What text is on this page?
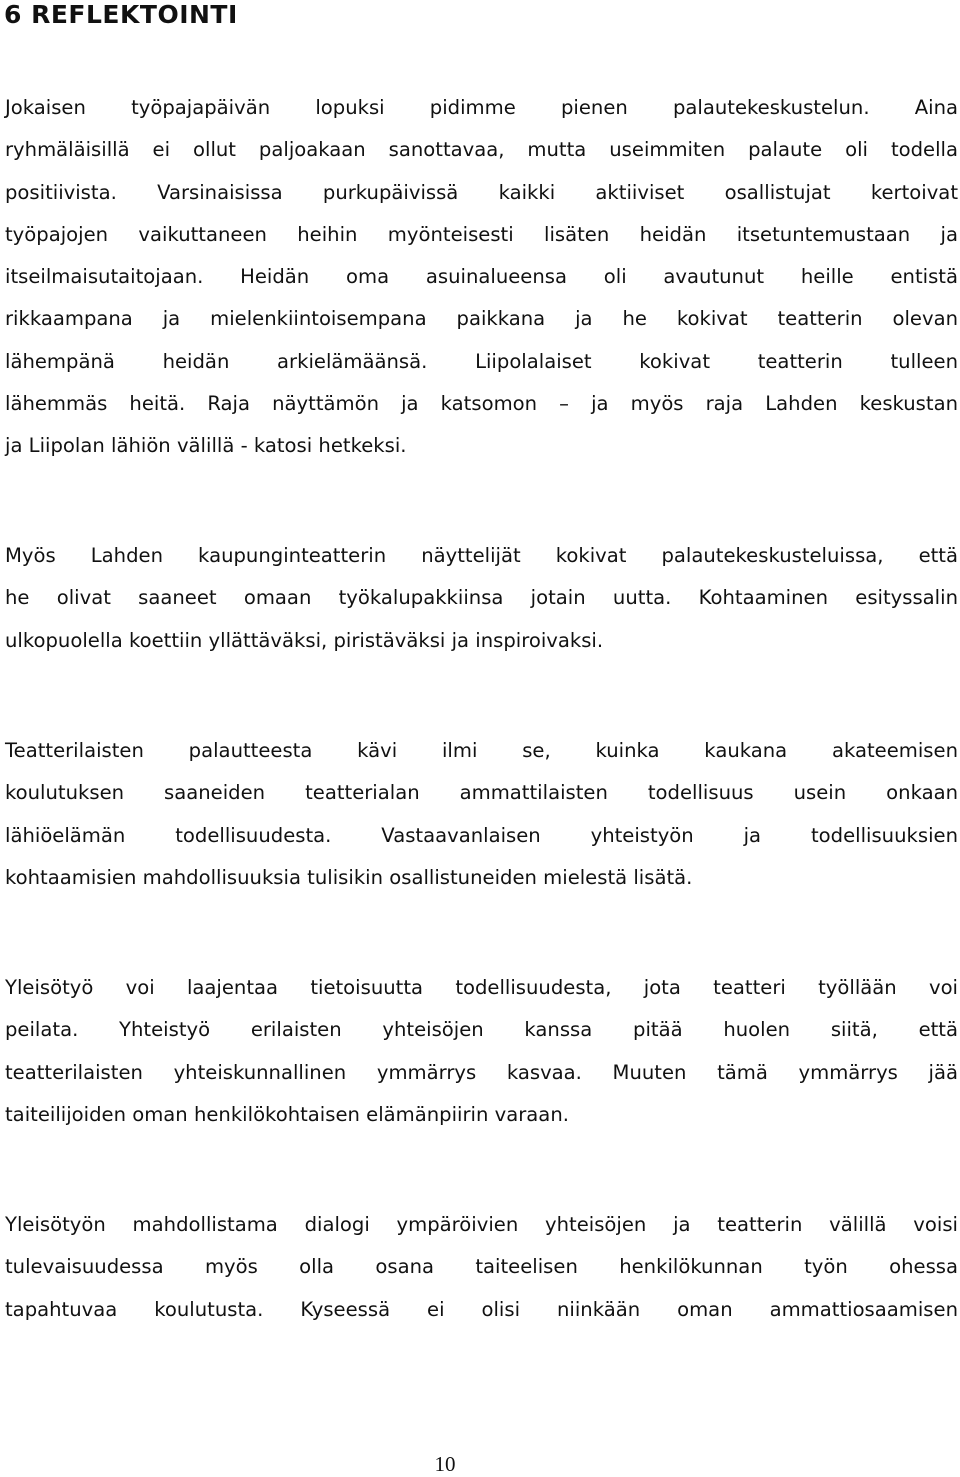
6 REFLEKTOINTI
Jokaisen työpajapäivän lopuksi pidimme pienen palautekeskustelun. Aina
ryhmäläisillä ei ollut paljoakaan sanottavaa, mutta useimmiten palaute oli todella
positiivista. Varsinaisissa purkupäivissä kaikki aktiiviset osallistujat kertoivat
työpajojen vaikuttaneen heihin myönteisesti lisäten heidän itsetuntemustaan ja
itseilmaisutaitojaan. Heidän oma asuinalueensa oli avautunut heille entistä
rikkaampana ja mielenkiintoisempana paikkana ja he kokivat teatterin olevan
lähempänä heidän arkielämäänsä. Liipolalaiset kokivat teatterin tulleen
lähemmäs heitä. Raja näyttämön ja katsomon – ja myös raja Lahden keskustan
ja Liipolan lähiön välillä - katosi hetkeksi.
Myös Lahden kaupunginteatterin näyttelijät kokivat palautekeskusteluissa, että
he olivat saaneet omaan työkalupakkiinsa jotain uutta. Kohtaaminen esityssalin
ulkopuolella koettiin yllättäväksi, piristäväksi ja inspiroivaksi.
Teatterilaisten palautteesta kävi ilmi se, kuinka kaukana akateemisen
koulutuksen saaneiden teatterialan ammattilaisten todellisuus usein onkaan
lähiöelämän todellisuudesta. Vastaavanlaisen yhteistyön ja todellisuuksien
kohtaamisien mahdollisuuksia tulisikin osallistuneiden mielestä lisätä.
Yleisötyö voi laajentaa tietoisuutta todellisuudesta, jota teatteri työllään voi
peilata. Yhteistyö erilaisten yhteisöjen kanssa pitää huolen siitä, että
teatterilaisten yhteiskunnallinen ymmärrys kasvaa. Muuten tämä ymmärrys jää
taiteilijoiden oman henkilökohtaisen elämänpiirin varaan.
Yleisötyön mahdollistama dialogi ympäröivien yhteisöjen ja teatterin välillä voisi
tulevaisuudessa myös olla osana taiteelisen henkilökunnan työn ohessa
tapahtuvaa koulutusta. Kyseessä ei olisi niinkään oman ammattiosaamisen
10
